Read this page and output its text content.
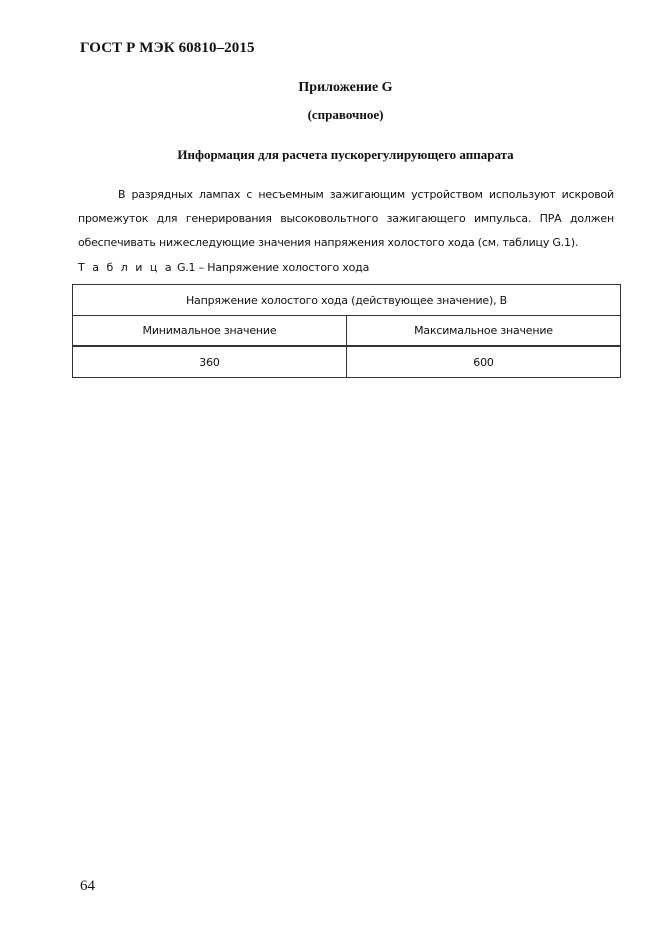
ГОСТ Р МЭК 60810–2015
Приложение G
(справочное)
Информация для расчета пускорегулирующего аппарата

В разрядных лампах с несъемным зажигающим устройством используют искровой промежуток для генерирования высоковольтного зажигающего импульса. ПРА должен обеспечивать нижеследующие значения напряжения холостого хода (см. таблицу G.1).

Т а б л и ц а G.1 – Напряжение холостого хода
Напряжение холостого хода (действующее значение), В	
Минимальное значение	Максимальное значение
360	600
64
